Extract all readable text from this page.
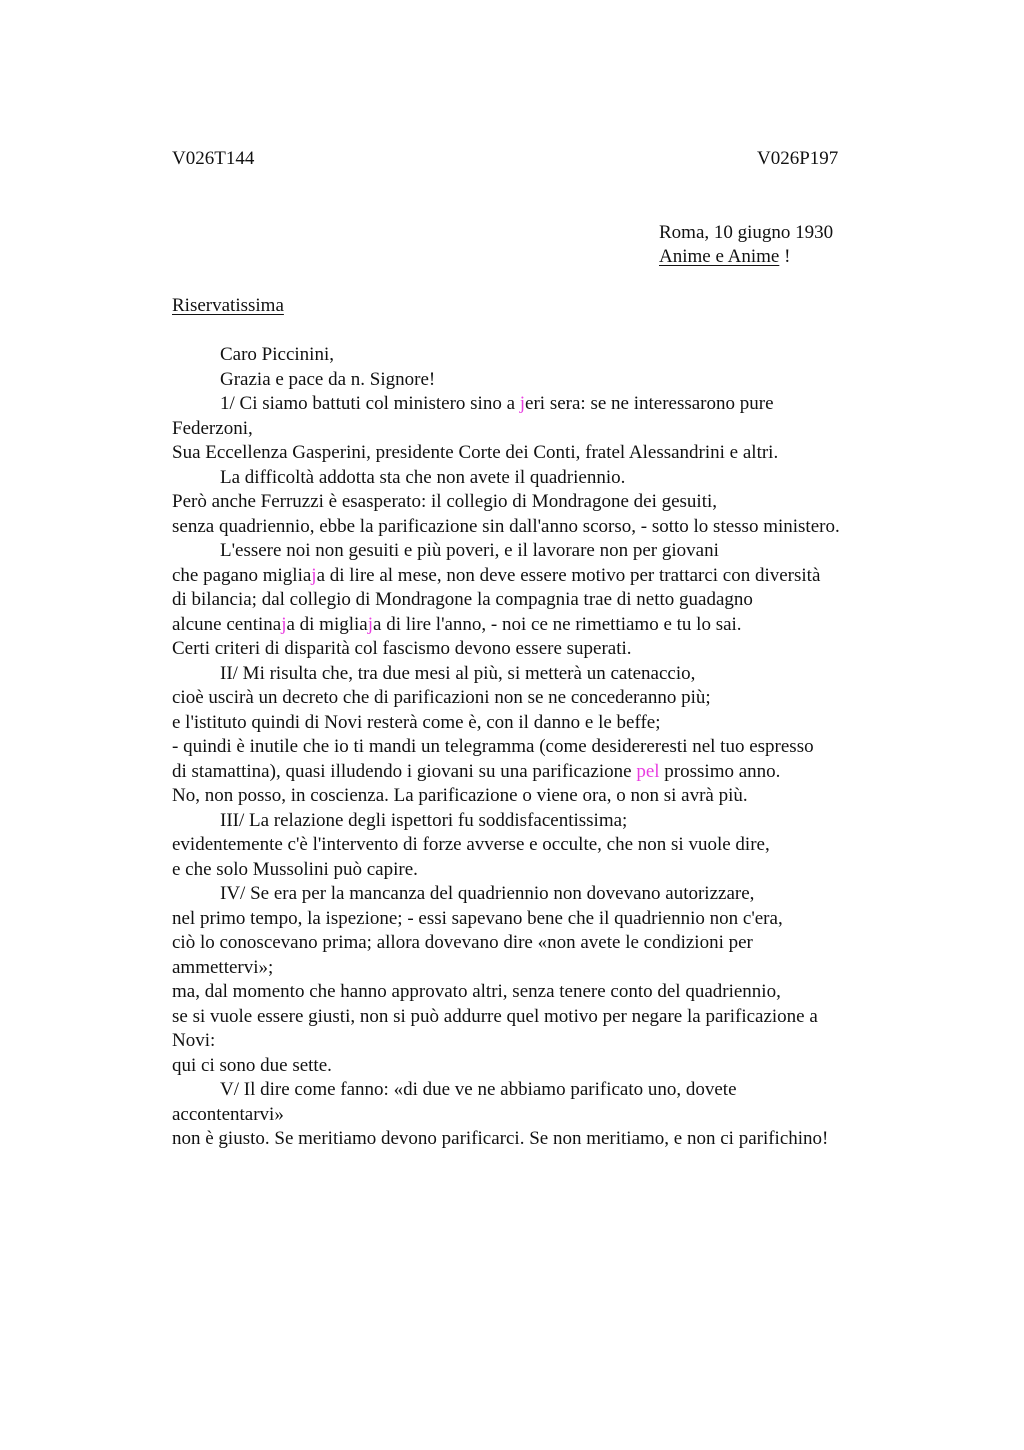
V026T144	V026P197
Roma, 10 giugno 1930
Anime e Anime !
Riservatissima
Caro Piccinini,
Grazia e pace da n. Signore!
1/ Ci siamo battuti col ministero sino a jeri sera: se ne interessarono pure
Federzoni,
Sua Eccellenza Gasperini, presidente Corte dei Conti, fratel Alessandrini e altri.
La difficoltà addotta sta che non avete il quadriennio.
Però anche Ferruzzi è esasperato: il collegio di Mondragone dei gesuiti,
senza quadriennio, ebbe la parificazione sin dall'anno scorso, - sotto lo stesso ministero.
L'essere noi non gesuiti e più poveri, e il lavorare non per giovani
che pagano migliaja di lire al mese, non deve essere motivo per trattarci con diversità
di bilancia; dal collegio di Mondragone la compagnia trae di netto guadagno
alcune centinaja di migliaja di lire l'anno, - noi ce ne rimettiamo e tu lo sai.
Certi criteri di disparità col fascismo devono essere superati.
II/ Mi risulta che, tra due mesi al più, si metterà un catenaccio,
cioè uscirà un decreto che di parificazioni non se ne concederanno più;
e l'istituto quindi di Novi resterà come è, con il danno e le beffe;
- quindi è inutile che io ti mandi un telegramma (come desidereresti nel tuo espresso
di stamattina), quasi illudendo i giovani su una parificazione pel prossimo anno.
No, non posso, in coscienza. La parificazione o viene ora, o non si avrà più.
III/ La relazione degli ispettori fu soddisfacentissima;
evidentemente c'è l'intervento di forze avverse e occulte, che non si vuole dire,
e che solo Mussolini può capire.
IV/ Se era per la mancanza del quadriennio non dovevano autorizzare,
nel primo tempo, la ispezione; - essi sapevano bene che il quadriennio non c'era,
ciò lo conoscevano prima; allora dovevano dire «non avete le condizioni per
ammettervi»;
ma, dal momento che hanno approvato altri, senza tenere conto del quadriennio,
se si vuole essere giusti, non si può addurre quel motivo per negare la parificazione a
Novi:
qui ci sono due sette.
V/ Il dire come fanno: «di due ve ne abbiamo parificato uno, dovete
accontentarvi»
non è giusto. Se meritiamo devono parificarci. Se non meritiamo, e non ci parifichino!
